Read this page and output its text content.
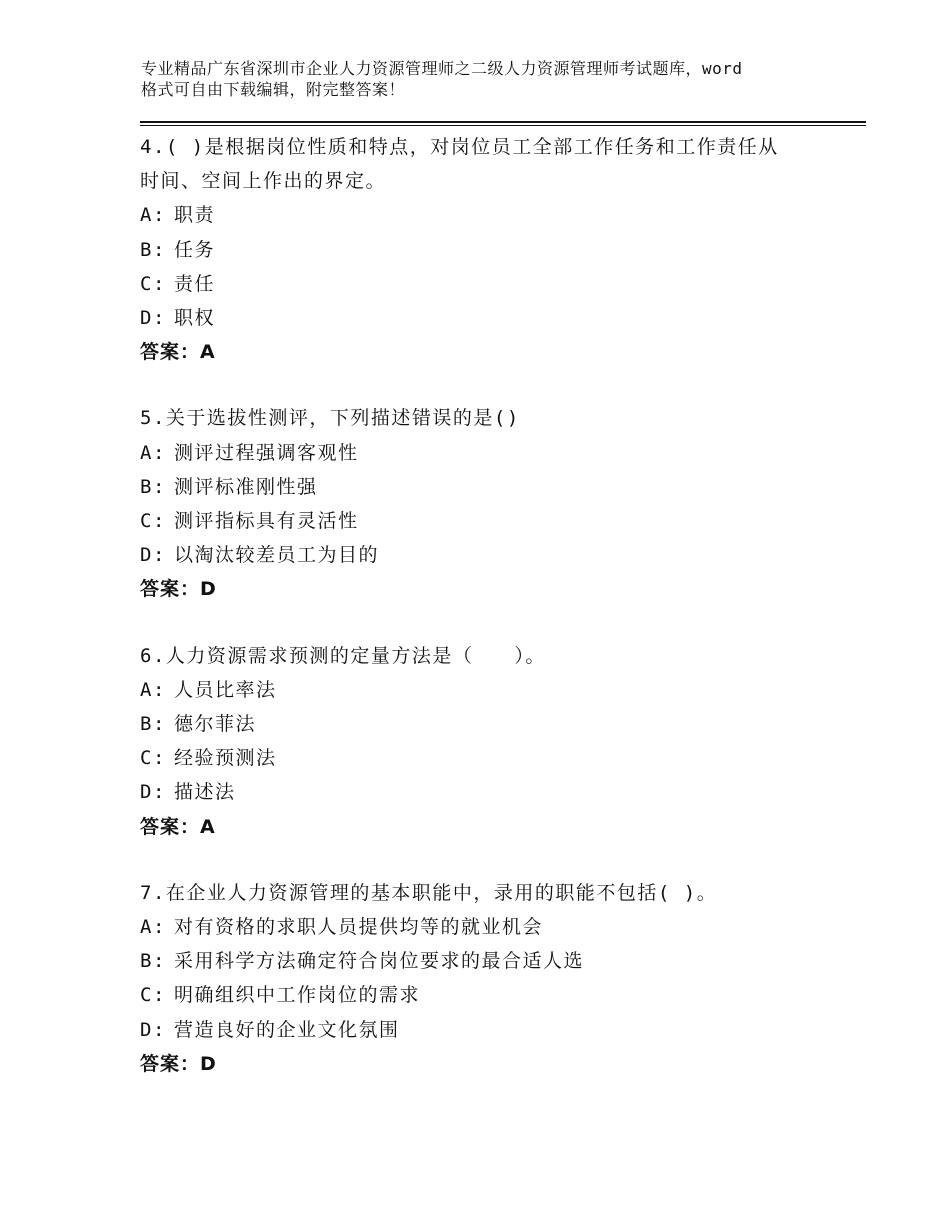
专业精品广东省深圳市企业人力资源管理师之二级人力资源管理师考试题库，word
格式可自由下载编辑，附完整答案！
4.( )是根据岗位性质和特点，对岗位员工全部工作任务和工作责任从
时间、空间上作出的界定。
A: 职责
B: 任务
C: 责任
D: 职权
答案：A
5.关于选拔性测评，下列描述错误的是()
A: 测评过程强调客观性
B: 测评标准刚性强
C: 测评指标具有灵活性
D: 以淘汰较差员工为目的
答案：D
6.人力资源需求预测的定量方法是（　　）。
A: 人员比率法
B: 德尔菲法
C: 经验预测法
D: 描述法
答案：A
7.在企业人力资源管理的基本职能中，录用的职能不包括( )。
A: 对有资格的求职人员提供均等的就业机会
B: 采用科学方法确定符合岗位要求的最合适人选
C: 明确组织中工作岗位的需求
D: 营造良好的企业文化氛围
答案：D
